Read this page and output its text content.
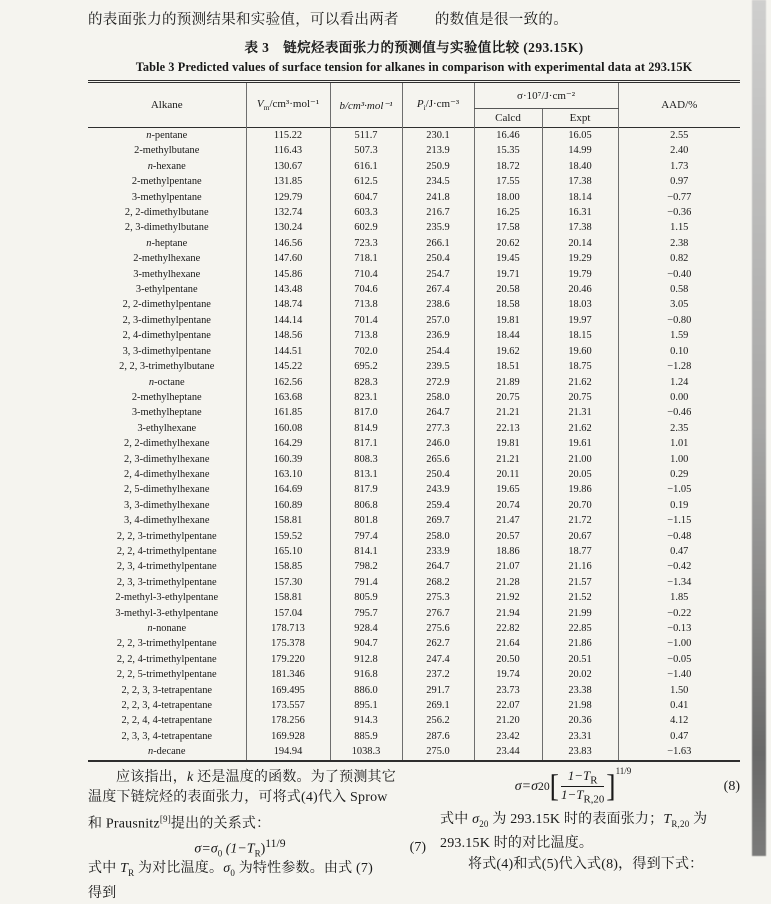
的表面张力的预测结果和实验值，可以看出两者 的数值是很一致的。
表 3　链烷烃表面张力的预测值与实验值比较 (293.15K)
Table 3 Predicted values of surface tension for alkanes in comparison with experimental data at 293.15K
Alkane	$V_m/cm^3\cdot mol^{-1}$	b/cm³·mol⁻¹	$P_i/J\cdot cm^{-3}$	σ·10⁷/J·cm⁻²		AAD/%
				Calcd	Expt	
n-pentane	115.22	511.7	230.1	16.46	16.05	2.55
2-methylbutane	116.43	507.3	213.9	15.35	14.99	2.40
n-hexane	130.67	616.1	250.9	18.72	18.40	1.73
2-methylpentane	131.85	612.5	234.5	17.55	17.38	0.97
3-methylpentane	129.79	604.7	241.8	18.00	18.14	−0.77
2, 2-dimethylbutane	132.74	603.3	216.7	16.25	16.31	−0.36
2, 3-dimethylbutane	130.24	602.9	235.9	17.58	17.38	1.15
n-heptane	146.56	723.3	266.1	20.62	20.14	2.38
2-methylhexane	147.60	718.1	250.4	19.45	19.29	0.82
3-methylhexane	145.86	710.4	254.7	19.71	19.79	−0.40
3-ethylpentane	143.48	704.6	267.4	20.58	20.46	0.58
2, 2-dimethylpentane	148.74	713.8	238.6	18.58	18.03	3.05
2, 3-dimethylpentane	144.14	701.4	257.0	19.81	19.97	−0.80
2, 4-dimethylpentane	148.56	713.8	236.9	18.44	18.15	1.59
3, 3-dimethylpentane	144.51	702.0	254.4	19.62	19.60	0.10
2, 2, 3-trimethylbutane	145.22	695.2	239.5	18.51	18.75	−1.28
n-octane	162.56	828.3	272.9	21.89	21.62	1.24
2-methylheptane	163.68	823.1	258.0	20.75	20.75	0.00
3-methylheptane	161.85	817.0	264.7	21.21	21.31	−0.46
3-ethylhexane	160.08	814.9	277.3	22.13	21.62	2.35
2, 2-dimethylhexane	164.29	817.1	246.0	19.81	19.61	1.01
2, 3-dimethylhexane	160.39	808.3	265.6	21.21	21.00	1.00
2, 4-dimethylhexane	163.10	813.1	250.4	20.11	20.05	0.29
2, 5-dimethylhexane	164.69	817.9	243.9	19.65	19.86	−1.05
3, 3-dimethylhexane	160.89	806.8	259.4	20.74	20.70	0.19
3, 4-dimethylhexane	158.81	801.8	269.7	21.47	21.72	−1.15
2, 2, 3-trimethylpentane	159.52	797.4	258.0	20.57	20.67	−0.48
2, 2, 4-trimethylpentane	165.10	814.1	233.9	18.86	18.77	0.47
2, 3, 4-trimethylpentane	158.85	798.2	264.7	21.07	21.16	−0.42
2, 3, 3-trimethylpentane	157.30	791.4	268.2	21.28	21.57	−1.34
2-methyl-3-ethylpentane	158.81	805.9	275.3	21.92	21.52	1.85
3-methyl-3-ethylpentane	157.04	795.7	276.7	21.94	21.99	−0.22
n-nonane	178.713	928.4	275.6	22.82	22.85	−0.13
2, 2, 3-trimethylpentane	175.378	904.7	262.7	21.64	21.86	−1.00
2, 2, 4-trimethylpentane	179.220	912.8	247.4	20.50	20.51	−0.05
2, 2, 5-trimethylpentane	181.346	916.8	237.2	19.74	20.02	−1.40
2, 2, 3, 3-tetrapentane	169.495	886.0	291.7	23.73	23.38	1.50
2, 2, 3, 4-tetrapentane	173.557	895.1	269.1	22.07	21.98	0.41
2, 2, 4, 4-tetrapentane	178.256	914.3	256.2	21.20	20.36	4.12
2, 3, 3, 4-tetrapentane	169.928	885.9	287.6	23.42	23.31	0.47
n-decane	194.94	1038.3	275.0	23.44	23.83	−1.63
应该指出，k 还是温度的函数。为了预测其它
温度下链烷烃的表面张力，可将式(4)代入 Sprow
和 Prausnitz[9]提出的关系式：
$\sigma=\sigma_0$ $(1-T_R)^{11/9}$	(7)
式中 $T_R$ 为对比温度。$\sigma_0$ 为特性参数。由式 (7)
得到
σ=σ 20 [ $\frac{1-T_R}{1-T_{R,20}}$ ] 11/9
(8)
式中 $\sigma_{20}$ 为 293.15K 时的表面张力；$T_{R,20}$ 为
293.15K 时的对比温度。
将式(4)和式(5)代入式(8)，得到下式：
